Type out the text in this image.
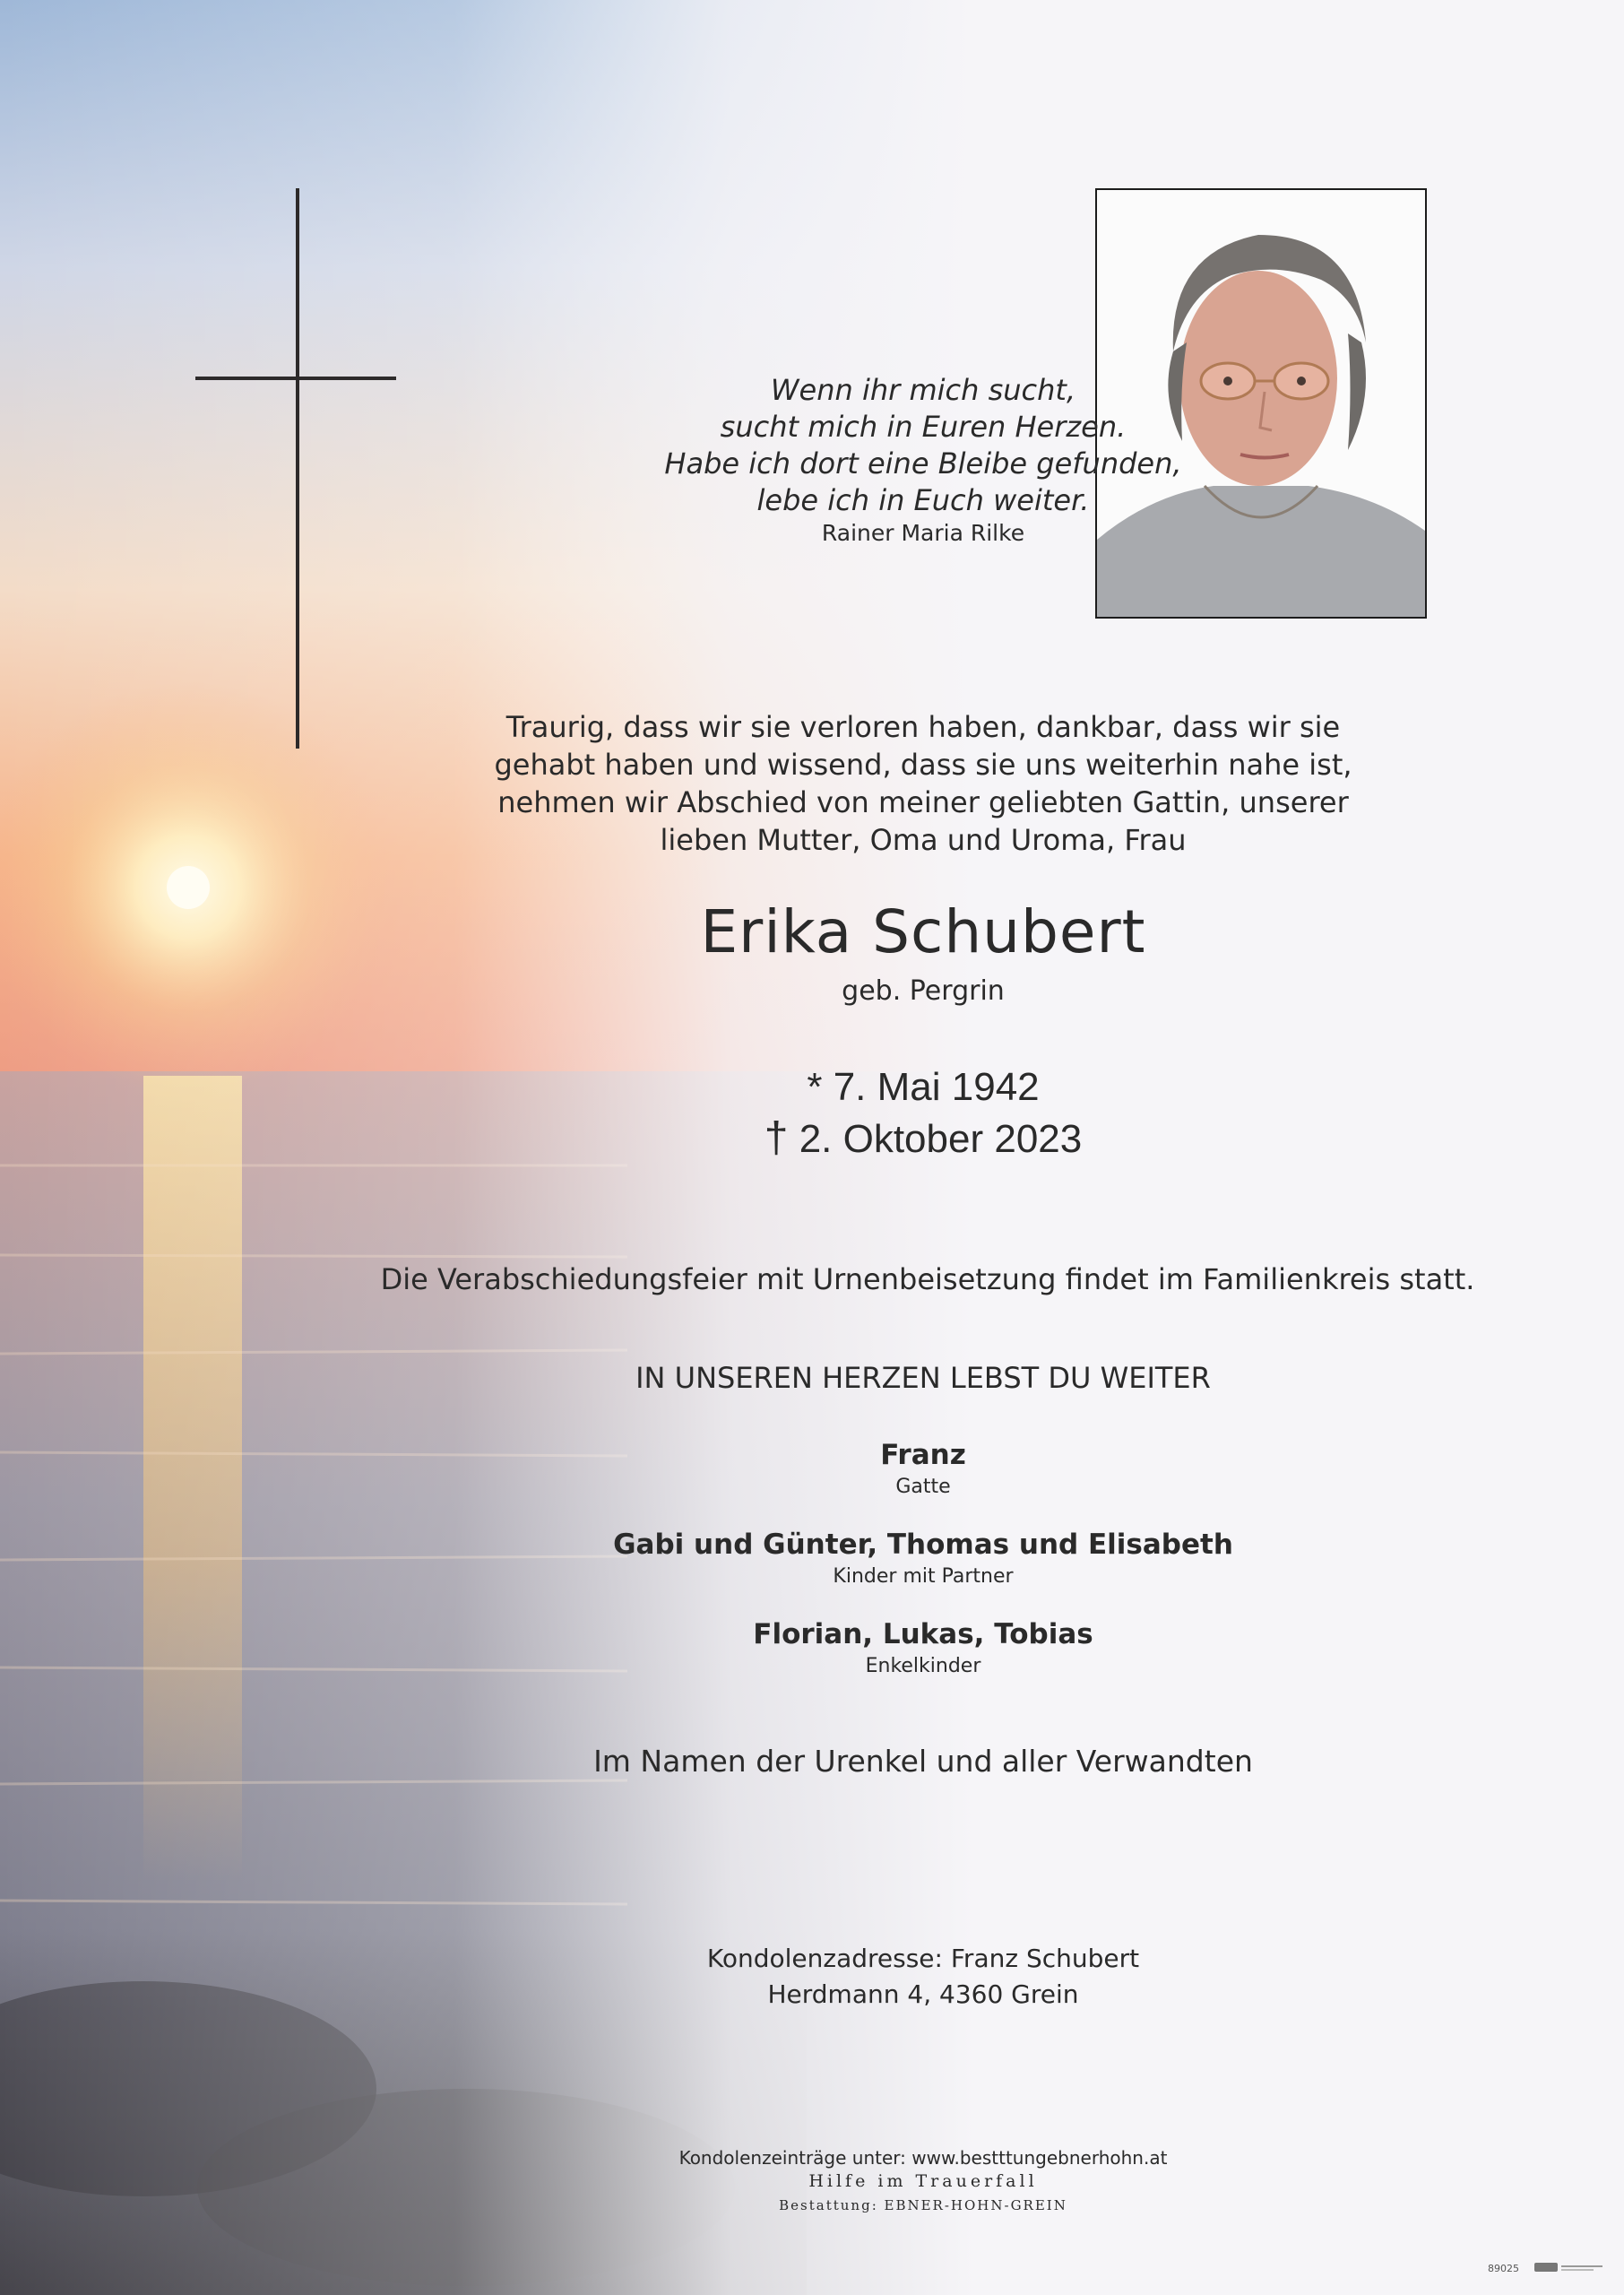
Wenn ihr mich sucht,
sucht mich in Euren Herzen.
Habe ich dort eine Bleibe gefunden,
lebe ich in Euch weiter.
Rainer Maria Rilke
Traurig, dass wir sie verloren haben, dankbar, dass wir sie
gehabt haben und wissend, dass sie uns weiterhin nahe ist,
nehmen wir Abschied von meiner geliebten Gattin, unserer
lieben Mutter, Oma und Uroma, Frau
Erika Schubert
geb. Pergrin
* 7. Mai 1942
† 2. Oktober 2023
Die Verabschiedungsfeier mit Urnenbeisetzung findet im Familienkreis statt.
IN UNSEREN HERZEN LEBST DU WEITER
Franz
Gatte
Gabi und Günter, Thomas und Elisabeth
Kinder mit Partner
Florian, Lukas, Tobias
Enkelkinder
Im Namen der Urenkel und aller Verwandten
Kondolenzadresse: Franz Schubert
Herdmann 4, 4360 Grein
Kondolenzeinträge unter: www.bestttungebnerhohn.at
Hilfe im Trauerfall
Bestattung: EBNER-HOHN-GREIN
89025
